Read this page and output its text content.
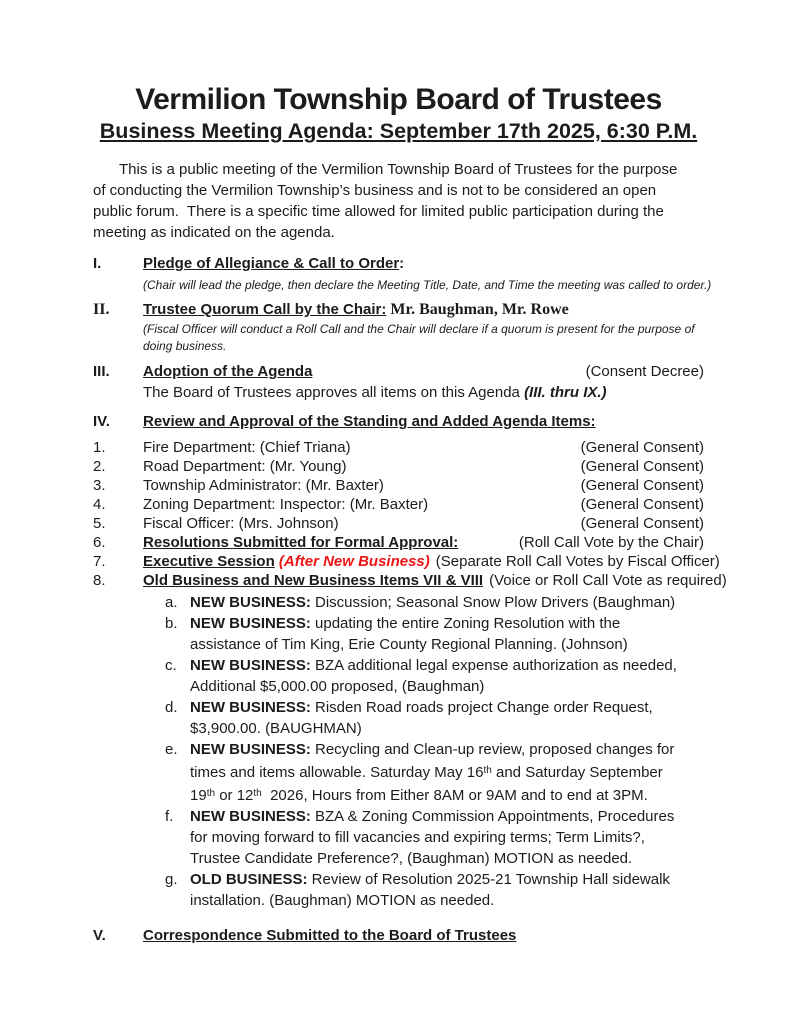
Vermilion Township Board of Trustees
Business Meeting Agenda: September 17th 2025, 6:30 P.M.
This is a public meeting of the Vermilion Township Board of Trustees for the purpose
of conducting the Vermilion Township’s business and is not to be considered an open
public forum.  There is a specific time allowed for limited public participation during the
meeting as indicated on the agenda.
I.	Pledge of Allegiance & Call to Order:
(Chair will lead the pledge, then declare the Meeting Title, Date, and Time the meeting was called to order.)
II.	Trustee Quorum Call by the Chair: Mr. Baughman, Mr. Rowe
(Fiscal Officer will conduct a Roll Call and the Chair will declare if a quorum is present for the purpose of
doing business.
III.	Adoption of the Agenda	(Consent Decree)
The Board of Trustees approves all items on this Agenda (III. thru IX.)
IV.	Review and Approval of the Standing and Added Agenda Items:
1.	Fire Department: (Chief Triana)	(General Consent)
2.	Road Department: (Mr. Young)	(General Consent)
3.	Township Administrator: (Mr. Baxter)	(General Consent)
4.	Zoning Department: Inspector: (Mr. Baxter)	(General Consent)
5.	Fiscal Officer: (Mrs. Johnson)	(General Consent)
6.	Resolutions Submitted for Formal Approval:	(Roll Call Vote by the Chair)
7.	Executive Session (After New Business) (Separate Roll Call Votes by Fiscal Officer)
8.	Old Business and New Business Items VII & VIII (Voice or Roll Call Vote as required)
a. NEW BUSINESS: Discussion; Seasonal Snow Plow Drivers (Baughman)
b. NEW BUSINESS: updating the entire Zoning Resolution with the
assistance of Tim King, Erie County Regional Planning. (Johnson)
c. NEW BUSINESS: BZA additional legal expense authorization as needed,
Additional $5,000.00 proposed, (Baughman)
d. NEW BUSINESS: Risden Road roads project Change order Request,
$3,900.00. (BAUGHMAN)
e. NEW BUSINESS: Recycling and Clean-up review, proposed changes for
times and items allowable. Saturday May 16th and Saturday September
19th or 12th  2026, Hours from Either 8AM or 9AM and to end at 3PM.
f.	NEW BUSINESS: BZA & Zoning Commission Appointments, Procedures
for moving forward to fill vacancies and expiring terms; Term Limits?,
Trustee Candidate Preference?, (Baughman) MOTION as needed.
g. OLD BUSINESS: Review of Resolution 2025-21 Township Hall sidewalk
installation. (Baughman) MOTION as needed.
V.	Correspondence Submitted to the Board of Trustees
